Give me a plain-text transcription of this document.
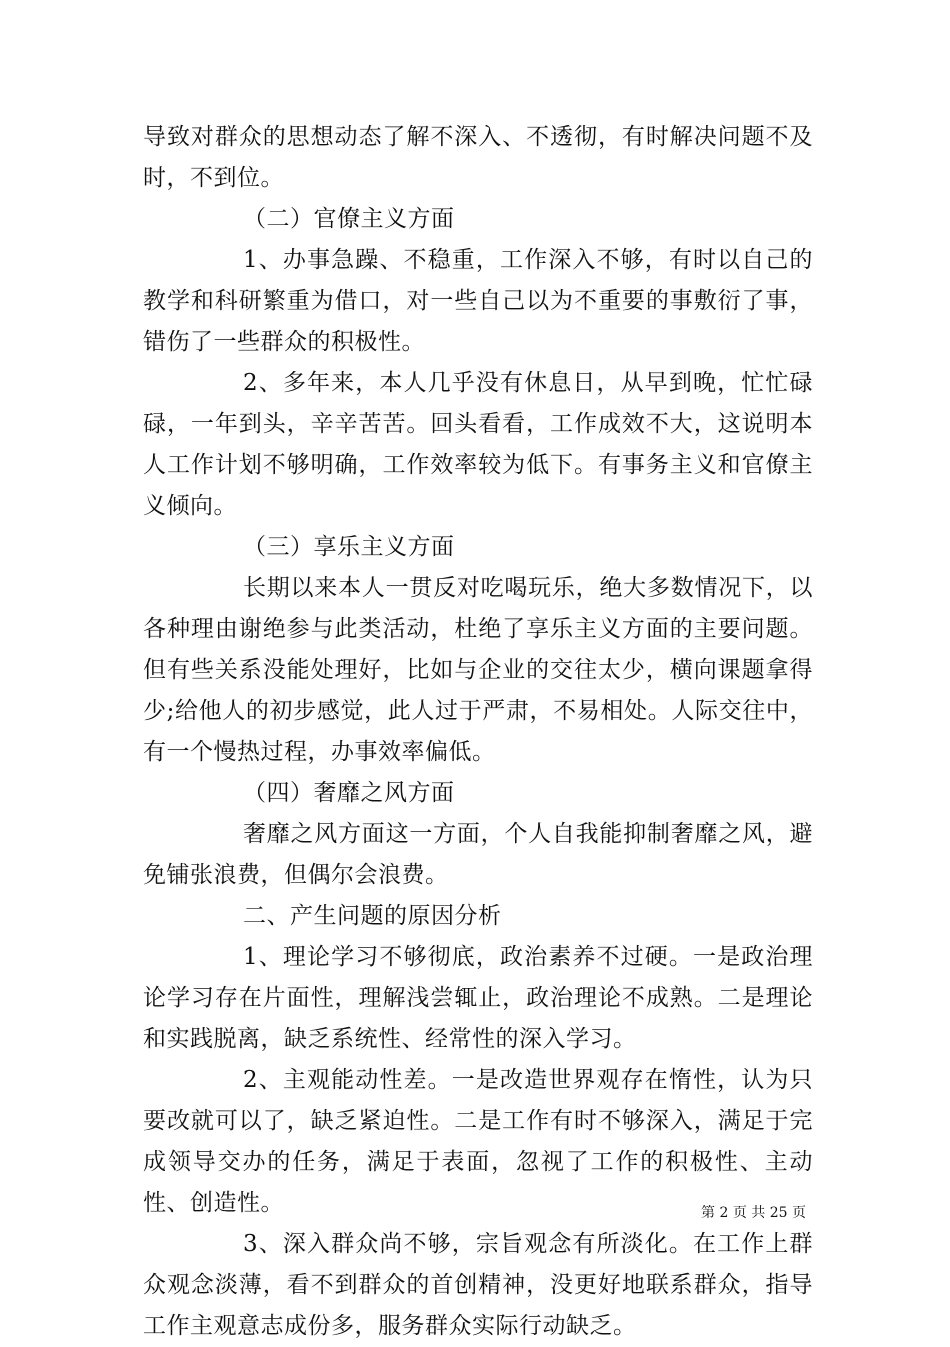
导致对群众的思想动态了解不深入、不透彻，有时解决问题不及时，不到位。

（二）官僚主义方面

1、办事急躁、不稳重，工作深入不够，有时以自己的教学和科研繁重为借口，对一些自己以为不重要的事敷衍了事，错伤了一些群众的积极性。

2、多年来，本人几乎没有休息日，从早到晚，忙忙碌碌，一年到头，辛辛苦苦。回头看看，工作成效不大，这说明本人工作计划不够明确，工作效率较为低下。有事务主义和官僚主义倾向。

（三）享乐主义方面

长期以来本人一贯反对吃喝玩乐，绝大多数情况下，以各种理由谢绝参与此类活动，杜绝了享乐主义方面的主要问题。但有些关系没能处理好，比如与企业的交往太少，横向课题拿得少;给他人的初步感觉，此人过于严肃，不易相处。人际交往中，有一个慢热过程，办事效率偏低。

（四）奢靡之风方面

奢靡之风方面这一方面，个人自我能抑制奢靡之风，避免铺张浪费，但偶尔会浪费。

二、产生问题的原因分析

1、理论学习不够彻底，政治素养不过硬。一是政治理论学习存在片面性，理解浅尝辄止，政治理论不成熟。二是理论和实践脱离，缺乏系统性、经常性的深入学习。

2、主观能动性差。一是改造世界观存在惰性，认为只要改就可以了，缺乏紧迫性。二是工作有时不够深入，满足于完成领导交办的任务，满足于表面，忽视了工作的积极性、主动性、创造性。

3、深入群众尚不够，宗旨观念有所淡化。在工作上群众观念淡薄，看不到群众的首创精神，没更好地联系群众，指导工作主观意志成份多，服务群众实际行动缺乏。

第 2 页 共 25 页
